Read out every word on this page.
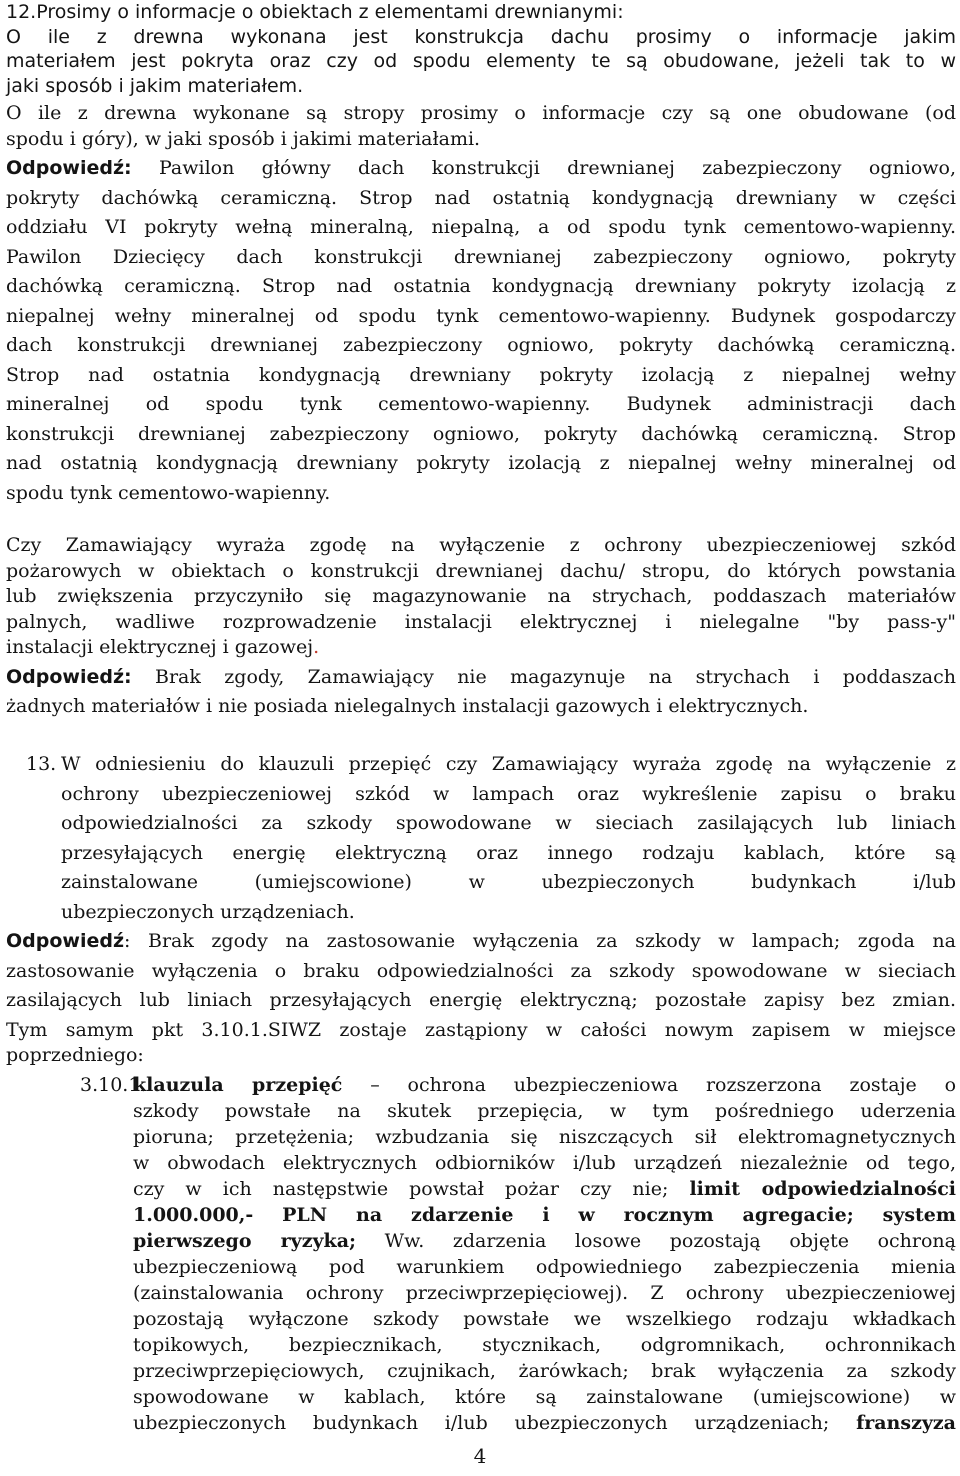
12.Prosimy o informacje o obiektach z elementami drewnianymi:
O ile z drewna wykonana jest konstrukcja dachu prosimy o informacje jakim
materiałem jest pokryta oraz czy od spodu elementy te są obudowane, jeżeli tak to w
jaki sposób i jakim materiałem.
O ile z drewna wykonane są stropy prosimy o informacje czy są one obudowane (od
spodu i góry), w jaki sposób i jakimi materiałami.
Odpowiedź: Pawilon główny dach konstrukcji drewnianej zabezpieczony ogniowo,
pokryty dachówką ceramiczną. Strop nad ostatnią kondygnacją drewniany w części
oddziału VI pokryty wełną mineralną, niepalną, a od spodu tynk cementowo-wapienny.
Pawilon Dziecięcy dach konstrukcji drewnianej zabezpieczony ogniowo, pokryty
dachówką ceramiczną. Strop nad ostatnia kondygnacją drewniany pokryty izolacją z
niepalnej wełny mineralnej od spodu tynk cementowo-wapienny. Budynek gospodarczy
dach konstrukcji drewnianej zabezpieczony ogniowo, pokryty dachówką ceramiczną.
Strop nad ostatnia kondygnacją drewniany pokryty izolacją z niepalnej wełny
mineralnej od spodu tynk cementowo-wapienny. Budynek administracji dach
konstrukcji drewnianej zabezpieczony ogniowo, pokryty dachówką ceramiczną. Strop
nad ostatnią kondygnacją drewniany pokryty izolacją z niepalnej wełny mineralnej od
spodu tynk cementowo-wapienny.
Czy Zamawiający wyraża zgodę na wyłączenie z ochrony ubezpieczeniowej szkód
pożarowych w obiektach o konstrukcji drewnianej dachu/ stropu, do których powstania
lub zwiększenia przyczyniło się magazynowanie na strychach, poddaszach materiałów
palnych, wadliwe rozprowadzenie instalacji elektrycznej i nielegalne "by pass-y"
instalacji elektrycznej i gazowej.
Odpowiedź: Brak zgody, Zamawiający nie magazynuje na strychach i poddaszach
żadnych materiałów i nie posiada nielegalnych instalacji gazowych i elektrycznych.
13. W odniesieniu do klauzuli przepięć czy Zamawiający wyraża zgodę na wyłączenie z
ochrony ubezpieczeniowej szkód w lampach oraz wykreślenie zapisu o braku
odpowiedzialności za szkody spowodowane w sieciach zasilających lub liniach
przesyłających energię elektryczną oraz innego rodzaju kablach, które są
zainstalowane (umiejscowione) w ubezpieczonych budynkach i/lub
ubezpieczonych urządzeniach.
Odpowiedź: Brak zgody na zastosowanie wyłączenia za szkody w lampach; zgoda na
zastosowanie wyłączenia o braku odpowiedzialności za szkody spowodowane w sieciach
zasilających lub liniach przesyłających energię elektryczną; pozostałe zapisy bez zmian.
Tym samym pkt 3.10.1.SIWZ zostaje zastąpiony w całości nowym zapisem w miejsce
poprzedniego:
3.10.1.
klauzula przepięć – ochrona ubezpieczeniowa rozszerzona zostaje o
szkody powstałe na skutek przepięcia, w tym pośredniego uderzenia
pioruna; przetężenia; wzbudzania się niszczących sił elektromagnetycznych
w obwodach elektrycznych odbiorników i/lub urządzeń niezależnie od tego,
czy w ich następstwie powstał pożar czy nie; limit odpowiedzialności
1.000.000,- PLN na zdarzenie i w rocznym agregacie; system
pierwszego ryzyka; Ww. zdarzenia losowe pozostają objęte ochroną
ubezpieczeniową pod warunkiem odpowiedniego zabezpieczenia mienia
(zainstalowania ochrony przeciwprzepięciowej). Z ochrony ubezpieczeniowej
pozostają wyłączone szkody powstałe we wszelkiego rodzaju wkładkach
topikowych, bezpiecznikach, stycznikach, odgromnikach, ochronnikach
przeciwprzepięciowych, czujnikach, żarówkach; brak wyłączenia za szkody
spowodowane w kablach, które są zainstalowane (umiejscowione) w
ubezpieczonych budynkach i/lub ubezpieczonych urządzeniach; franszyza
4
